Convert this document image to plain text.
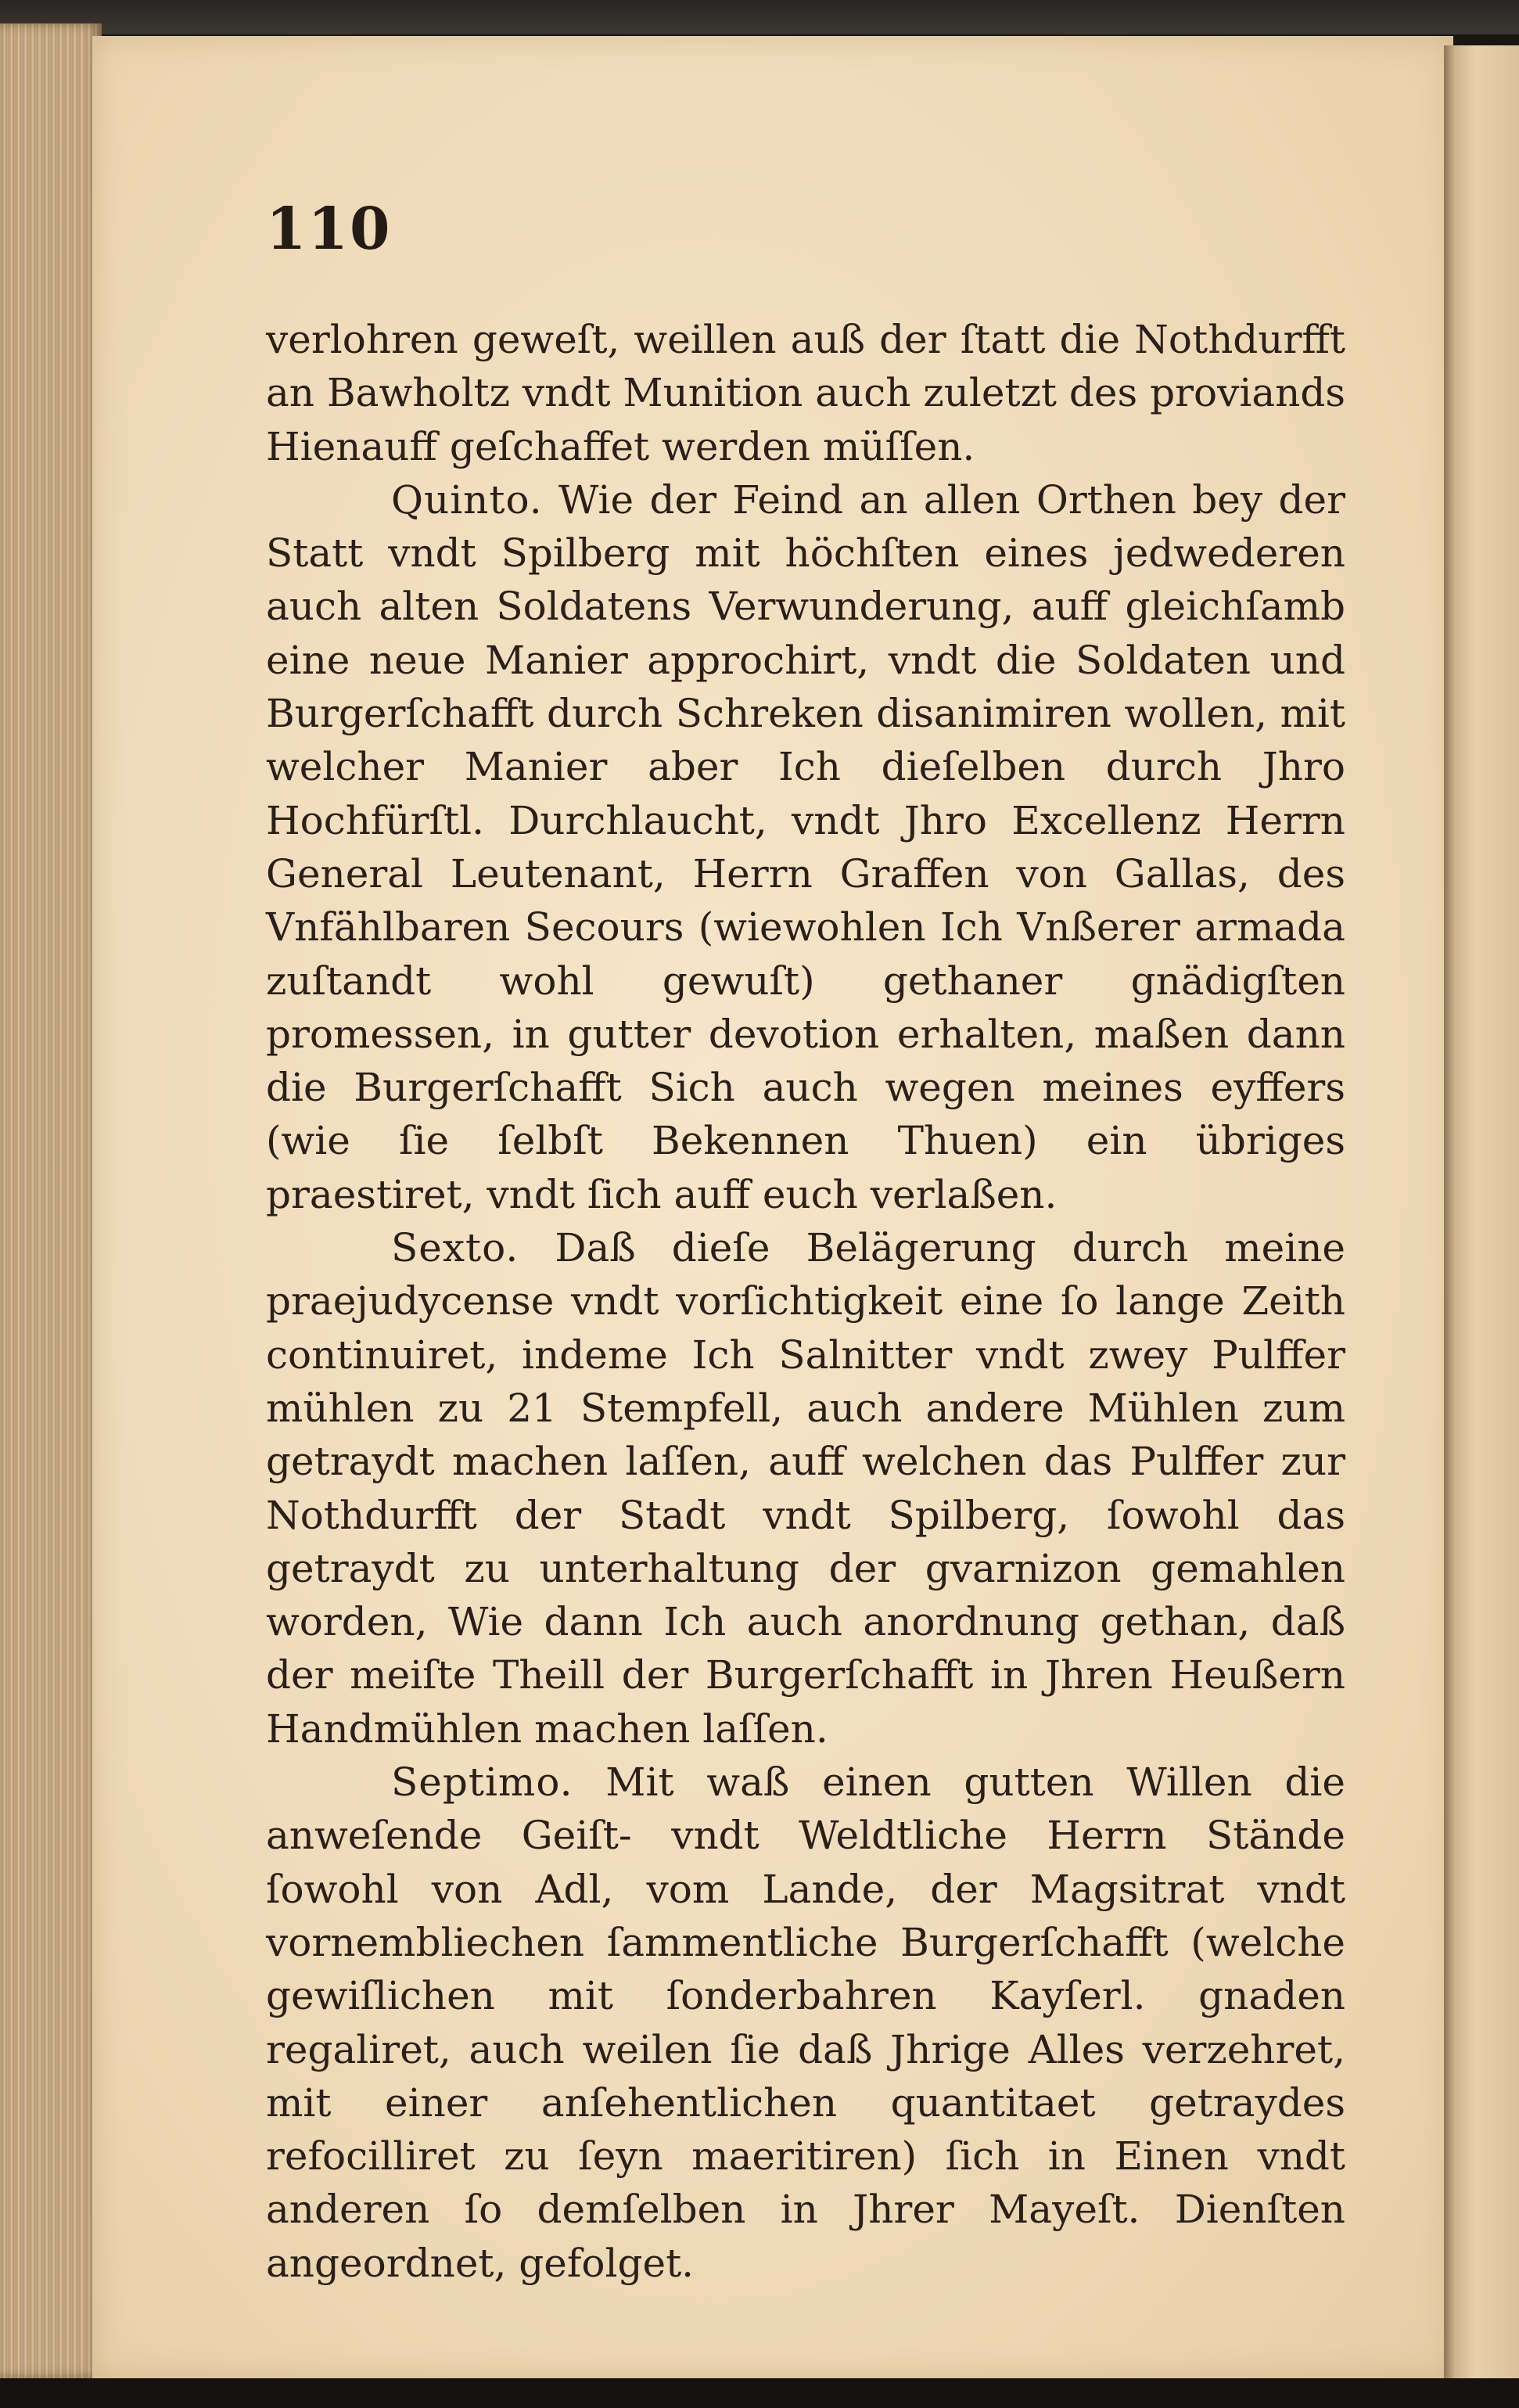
110

verlohren geweſt, weillen auß der ſtatt die Nothdurfft an Bawholtz vndt Munition auch zuletzt des proviands Hienauff geſchaffet werden müſſen.

Quinto. Wie der Feind an allen Orthen bey der Statt vndt Spilberg mit höchſten eines jedwederen auch alten Soldatens Verwunderung, auff gleichſamb eine neue Manier approchirt, vndt die Soldaten und Burgerſchafft durch Schreken disanimiren wollen, mit welcher Manier aber Ich dieſelben durch Jhro Hochfürſtl. Durchlaucht, vndt Jhro Excellenz Herrn General Leutenant, Herrn Graffen von Gallas, des Vnfählbaren Secours (wiewohlen Ich Vnßerer armada zuſtandt wohl gewuſt) gethaner gnädigſten promessen, in gutter devotion erhalten, maßen dann die Burgerſchafft Sich auch wegen meines eyffers (wie ſie ſelbſt Bekennen Thuen) ein übriges praestiret, vndt ſich auff euch verlaßen.

Sexto. Daß dieſe Belägerung durch meine praejudycense vndt vorſichtigkeit eine ſo lange Zeith continuiret, indeme Ich Salnitter vndt zwey Pulffer mühlen zu 21 Stempfell, auch andere Mühlen zum getraydt machen laſſen, auff welchen das Pulffer zur Nothdurfft der Stadt vndt Spilberg, ſowohl das getraydt zu unterhaltung der gvarnizon gemahlen worden, Wie dann Ich auch anordnung gethan, daß der meiſte Theill der Burgerſchafft in Jhren Heußern Handmühlen machen laſſen.

Septimo. Mit waß einen gutten Willen die anweſende Geiſt- vndt Weldtliche Herrn Stände ſowohl von Adl, vom Lande, der Magsitrat vndt vornembliechen ſammentliche Burgerſchafft (welche gewiſlichen mit ſonderbahren Kayſerl. gnaden regaliret, auch weilen ſie daß Jhrige Alles verzehret, mit einer anſehentlichen quantitaet getraydes refocilliret zu ſeyn maeritiren) ſich in Einen vndt anderen ſo demſelben in Jhrer Mayeſt. Dienſten angeordnet, gefolget.
